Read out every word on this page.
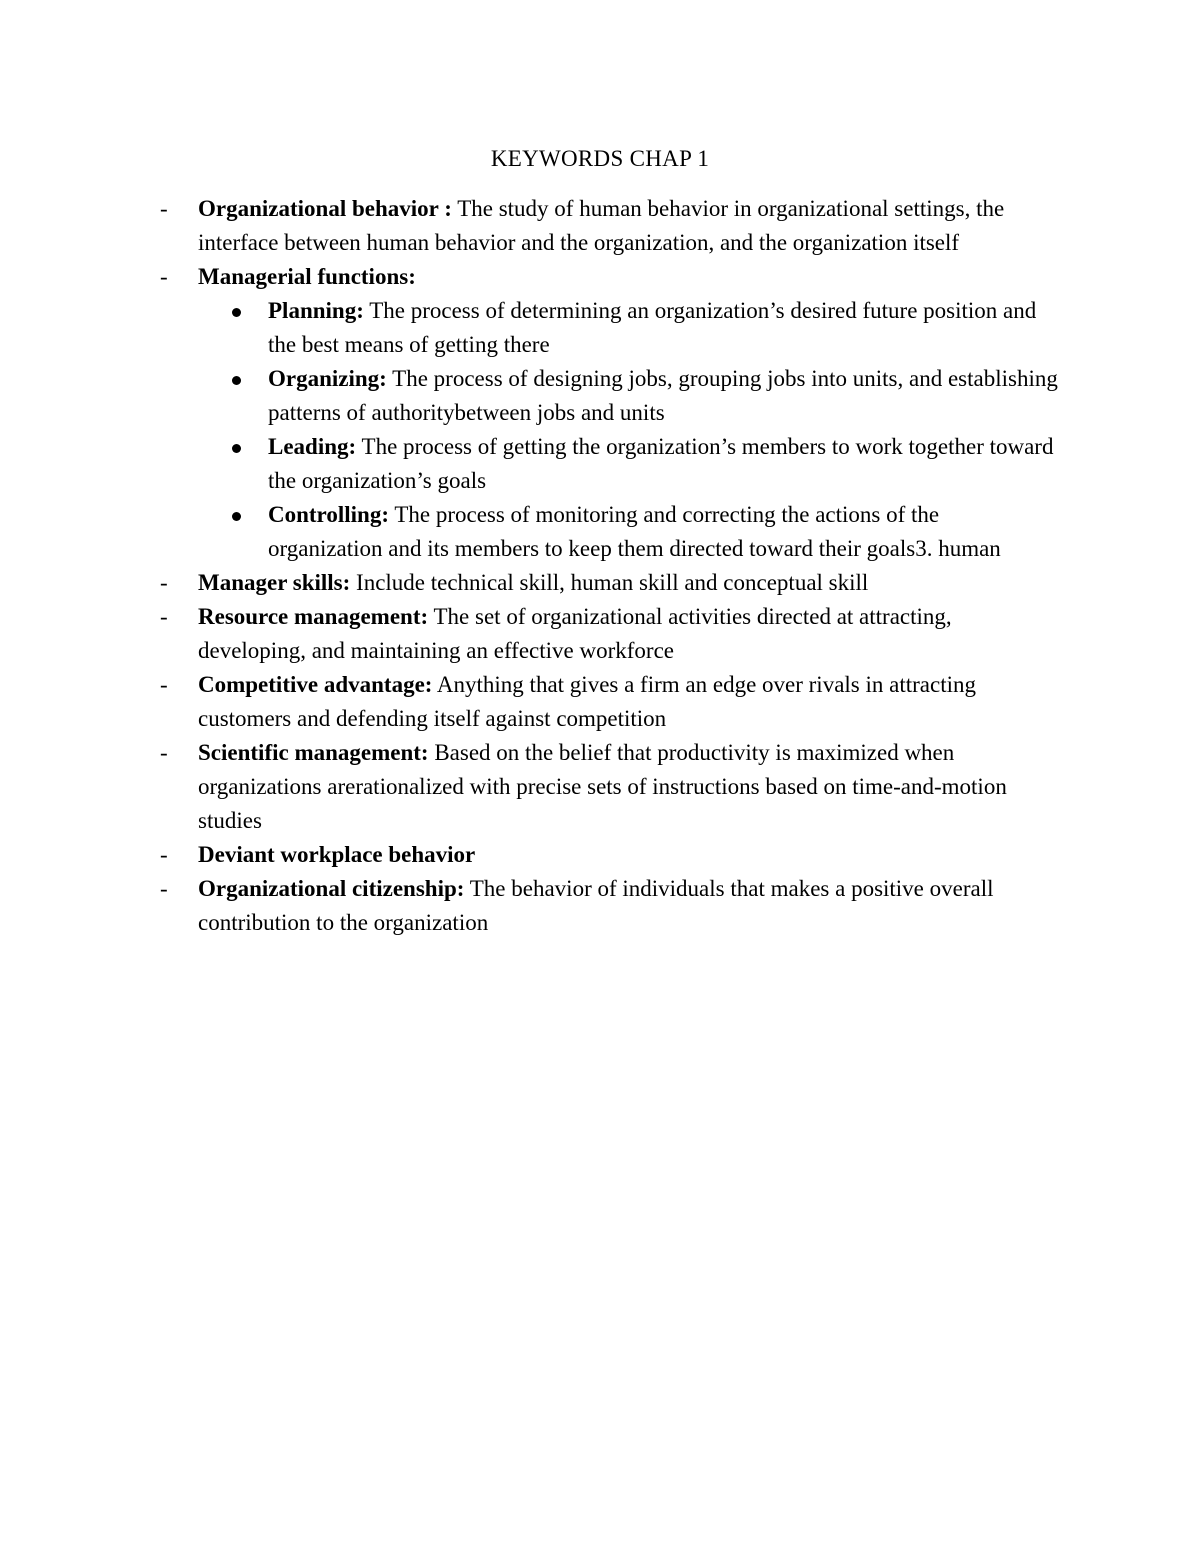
KEYWORDS CHAP 1
-	Organizational behavior : The study of human behavior in organizational settings, the interface between human behavior and the organization, and the organization itself
-	Managerial functions:
Planning: The process of determining an organization’s desired future position and the best means of getting there
Organizing: The process of designing jobs, grouping jobs into units, and establishing patterns of authoritybetween jobs and units
Leading: The process of getting the organization’s members to work together toward the organization’s goals
Controlling: The process of monitoring and correcting the actions of the organization and its members to keep them directed toward their goals3. human
-	Manager skills: Include technical skill, human skill and conceptual skill
-	Resource management: The set of organizational activities directed at attracting, developing, and maintaining an effective workforce
-	Competitive advantage: Anything that gives a firm an edge over rivals in attracting customers and defending itself against competition
-	Scientific management: Based on the belief that productivity is maximized when organizations arerationalized with precise sets of instructions based on time-and-motion studies
-	Deviant workplace behavior
-	Organizational citizenship: The behavior of individuals that makes a positive overall contribution to the organization
